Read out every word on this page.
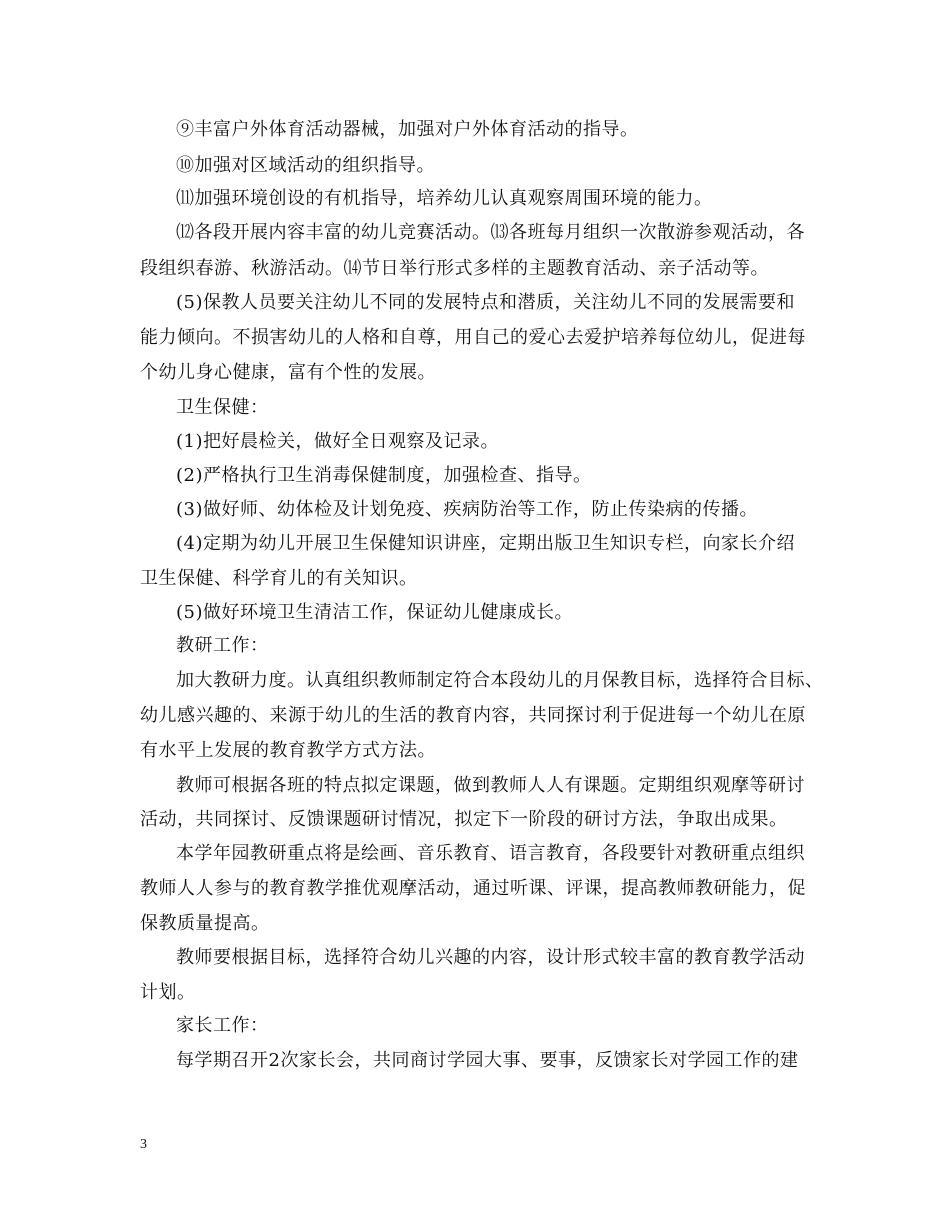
⑨丰富户外体育活动器械，加强对户外体育活动的指导。
⑩加强对区域活动的组织指导。
⑾加强环境创设的有机指导，培养幼儿认真观察周围环境的能力。
⑿各段开展内容丰富的幼儿竞赛活动。⒀各班每月组织一次散游参观活动，各
段组织春游、秋游活动。⒁节日举行形式多样的主题教育活动、亲子活动等。
(5)保教人员要关注幼儿不同的发展特点和潜质，关注幼儿不同的发展需要和
能力倾向。不损害幼儿的人格和自尊，用自己的爱心去爱护培养每位幼儿，促进每
个幼儿身心健康，富有个性的发展。
卫生保健：
(1)把好晨检关，做好全日观察及记录。
(2)严格执行卫生消毒保健制度，加强检查、指导。
(3)做好师、幼体检及计划免疫、疾病防治等工作，防止传染病的传播。
(4)定期为幼儿开展卫生保健知识讲座，定期出版卫生知识专栏，向家长介绍
卫生保健、科学育儿的有关知识。
(5)做好环境卫生清洁工作，保证幼儿健康成长。
教研工作：
加大教研力度。认真组织教师制定符合本段幼儿的月保教目标，选择符合目标、
幼儿感兴趣的、来源于幼儿的生活的教育内容，共同探讨利于促进每一个幼儿在原
有水平上发展的教育教学方式方法。
教师可根据各班的特点拟定课题，做到教师人人有课题。定期组织观摩等研讨
活动，共同探讨、反馈课题研讨情况，拟定下一阶段的研讨方法，争取出成果。
本学年园教研重点将是绘画、音乐教育、语言教育，各段要针对教研重点组织
教师人人参与的教育教学推优观摩活动，通过听课、评课，提高教师教研能力，促
保教质量提高。
教师要根据目标，选择符合幼儿兴趣的内容，设计形式较丰富的教育教学活动
计划。
家长工作：
每学期召开2次家长会，共同商讨学园大事、要事，反馈家长对学园工作的建
3
